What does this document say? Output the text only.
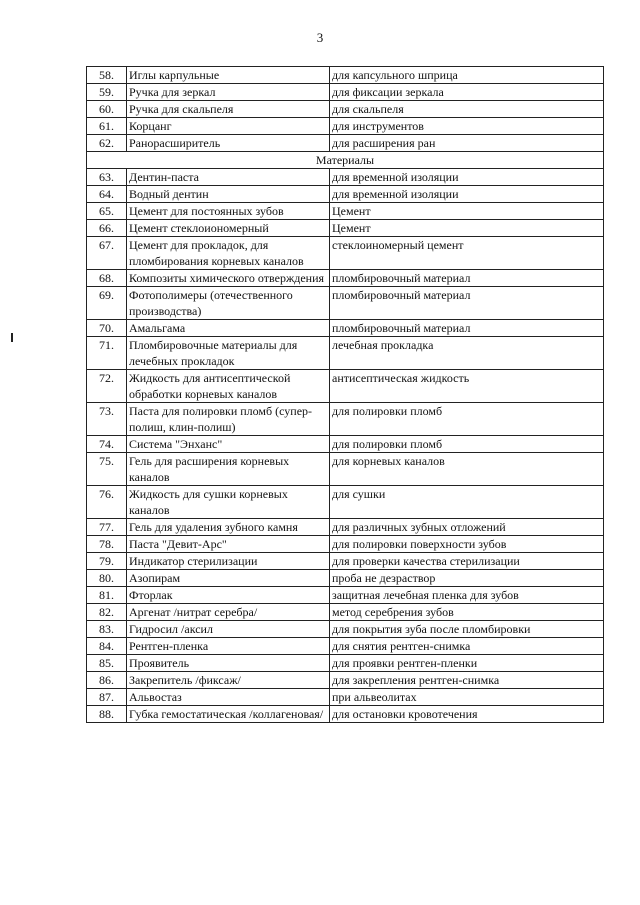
3
58.	Иглы карпульные	для капсульного шприца
59.	Ручка для зеркал	для фиксации зеркала
60.	Ручка для скальпеля	для скальпеля
61.	Корцанг	для инструментов
62.	Ранорасширитель	для расширения ран
Материалы		
63.	Дентин-паста	для временной изоляции
64.	Водный дентин	для временной изоляции
65.	Цемент для постоянных зубов	Цемент
66.	Цемент стеклоиономерный	Цемент
67.	Цемент для прокладок, для пломбирования корневых каналов	стеклоиномерный цемент
68.	Композиты химического отверждения	пломбировочный материал
69.	Фотополимеры (отечественного производства)	пломбировочный материал
70.	Амальгама	пломбировочный материал
71.	Пломбировочные материалы для лечебных прокладок	лечебная прокладка
72.	Жидкость для антисептической обработки корневых каналов	антисептическая жидкость
73.	Паста для полировки пломб (супер-полиш, клин-полиш)	для полировки пломб
74.	Система "Энханс"	для полировки пломб
75.	Гель для расширения корневых каналов	для корневых каналов
76.	Жидкость для сушки корневых каналов	для сушки
77.	Гель для удаления зубного камня	для различных зубных отложений
78.	Паста "Девит-Арс"	для полировки поверхности зубов
79.	Индикатор стерилизации	для проверки качества стерилизации
80.	Азопирам	проба не дезраствор
81.	Фторлак	защитная лечебная пленка для зубов
82.	Аргенат /нитрат серебра/	метод серебрения зубов
83.	Гидросил /аксил	для покрытия зуба после пломбировки
84.	Рентген-пленка	для снятия рентген-снимка
85.	Проявитель	для проявки рентген-пленки
86.	Закрепитель /фиксаж/	для закрепления рентген-снимка
87.	Альвостаз	при альвеолитах
88.	Губка гемостатическая /коллагеновая/	для остановки кровотечения
